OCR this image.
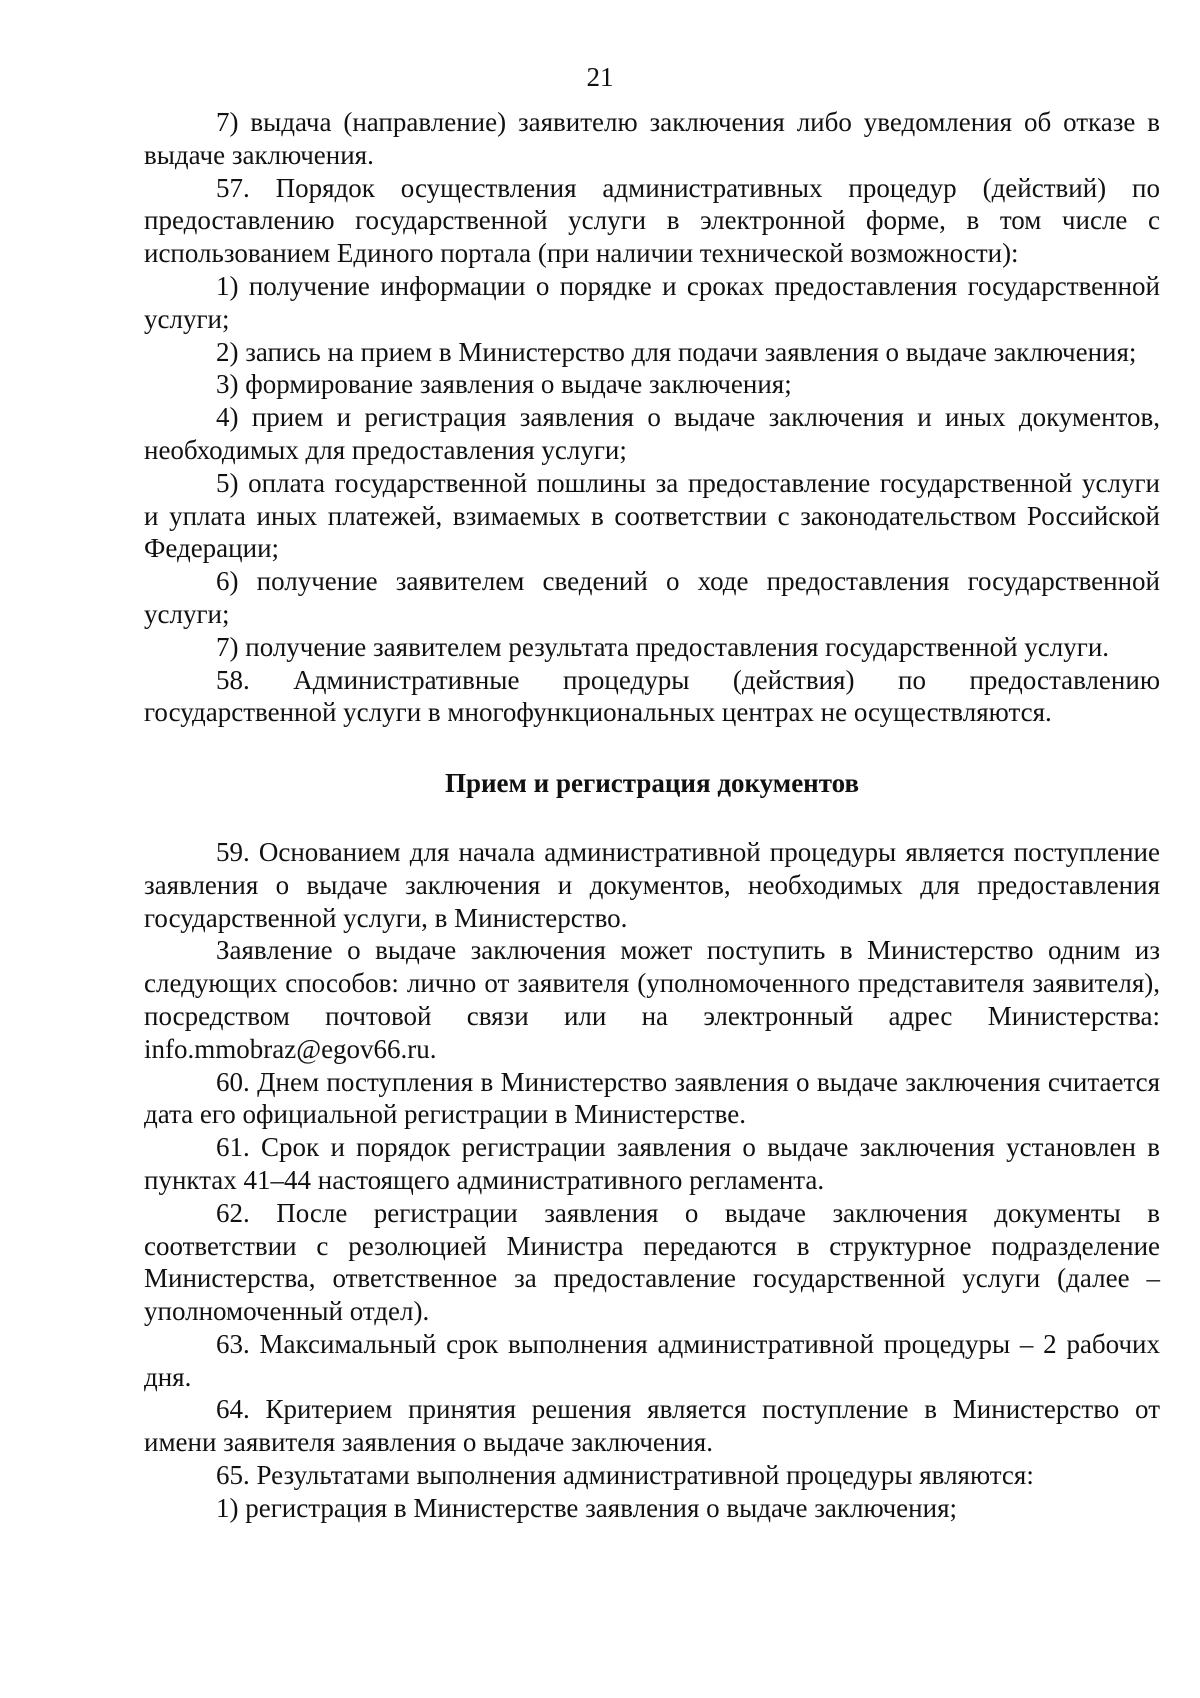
21

7) выдача (направление) заявителю заключения либо уведомления об отказе в выдаче заключения.

57. Порядок осуществления административных процедур (действий) по предоставлению государственной услуги в электронной форме, в том числе с использованием Единого портала (при наличии технической возможности):

1) получение информации о порядке и сроках предоставления государственной услуги;

2) запись на прием в Министерство для подачи заявления о выдаче заключения;

3) формирование заявления о выдаче заключения;

4) прием и регистрация заявления о выдаче заключения и иных документов, необходимых для предоставления услуги;

5) оплата государственной пошлины за предоставление государственной услуги и уплата иных платежей, взимаемых в соответствии с законодательством Российской Федерации;

6) получение заявителем сведений о ходе предоставления государственной услуги;

7) получение заявителем результата предоставления государственной услуги.

58. Административные процедуры (действия) по предоставлению государственной услуги в многофункциональных центрах не осуществляются.

Прием и регистрация документов

59. Основанием для начала административной процедуры является поступление заявления о выдаче заключения и документов, необходимых для предоставления государственной услуги, в Министерство.

Заявление о выдаче заключения может поступить в Министерство одним из следующих способов: лично от заявителя (уполномоченного представителя заявителя), посредством почтовой связи или на электронный адрес Министерства: info.mmobraz@egov66.ru.

60. Днем поступления в Министерство заявления о выдаче заключения считается дата его официальной регистрации в Министерстве.

61. Срок и порядок регистрации заявления о выдаче заключения установлен в пунктах 41–44 настоящего административного регламента.

62. После регистрации заявления о выдаче заключения документы в соответствии с резолюцией Министра передаются в структурное подразделение Министерства, ответственное за предоставление государственной услуги (далее – уполномоченный отдел).

63. Максимальный срок выполнения административной процедуры – 2 рабочих дня.

64. Критерием принятия решения является поступление в Министерство от имени заявителя заявления о выдаче заключения.

65. Результатами выполнения административной процедуры являются:

1) регистрация в Министерстве заявления о выдаче заключения;
